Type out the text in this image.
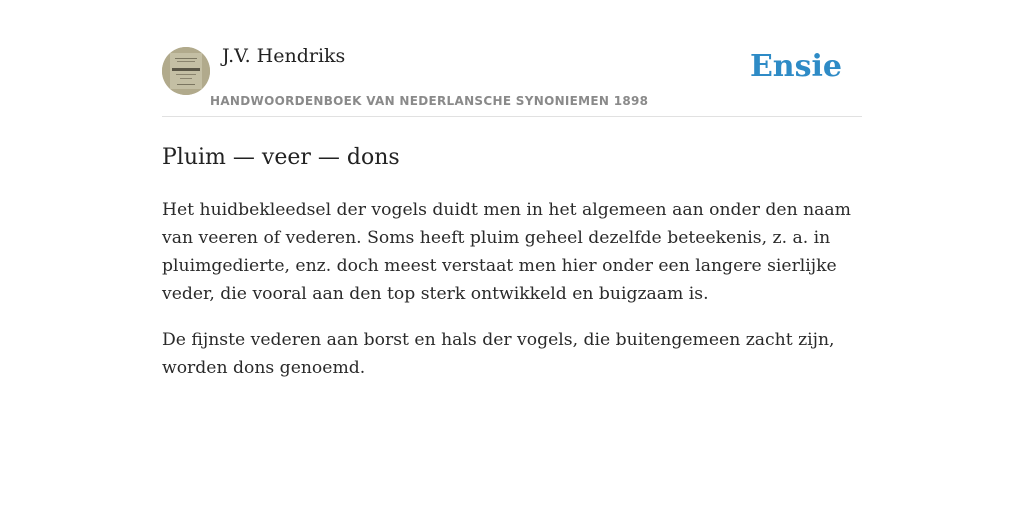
J.V. Hendriks
HANDWOORDENBOEK VAN NEDERLANSCHE SYNONIEMEN 1898
Ensie
Pluim — veer — dons

Het huidbekleedsel der vogels duidt men in het algemeen aan onder den naam van veeren of vederen. Soms heeft pluim geheel dezelfde beteekenis, z. a. in pluimgedierte, enz. doch meest verstaat men hier onder een langere sierlijke veder, die vooral aan den top sterk ontwikkeld en buigzaam is.

De fijnste vederen aan borst en hals der vogels, die buitengemeen zacht zijn, worden dons genoemd.
